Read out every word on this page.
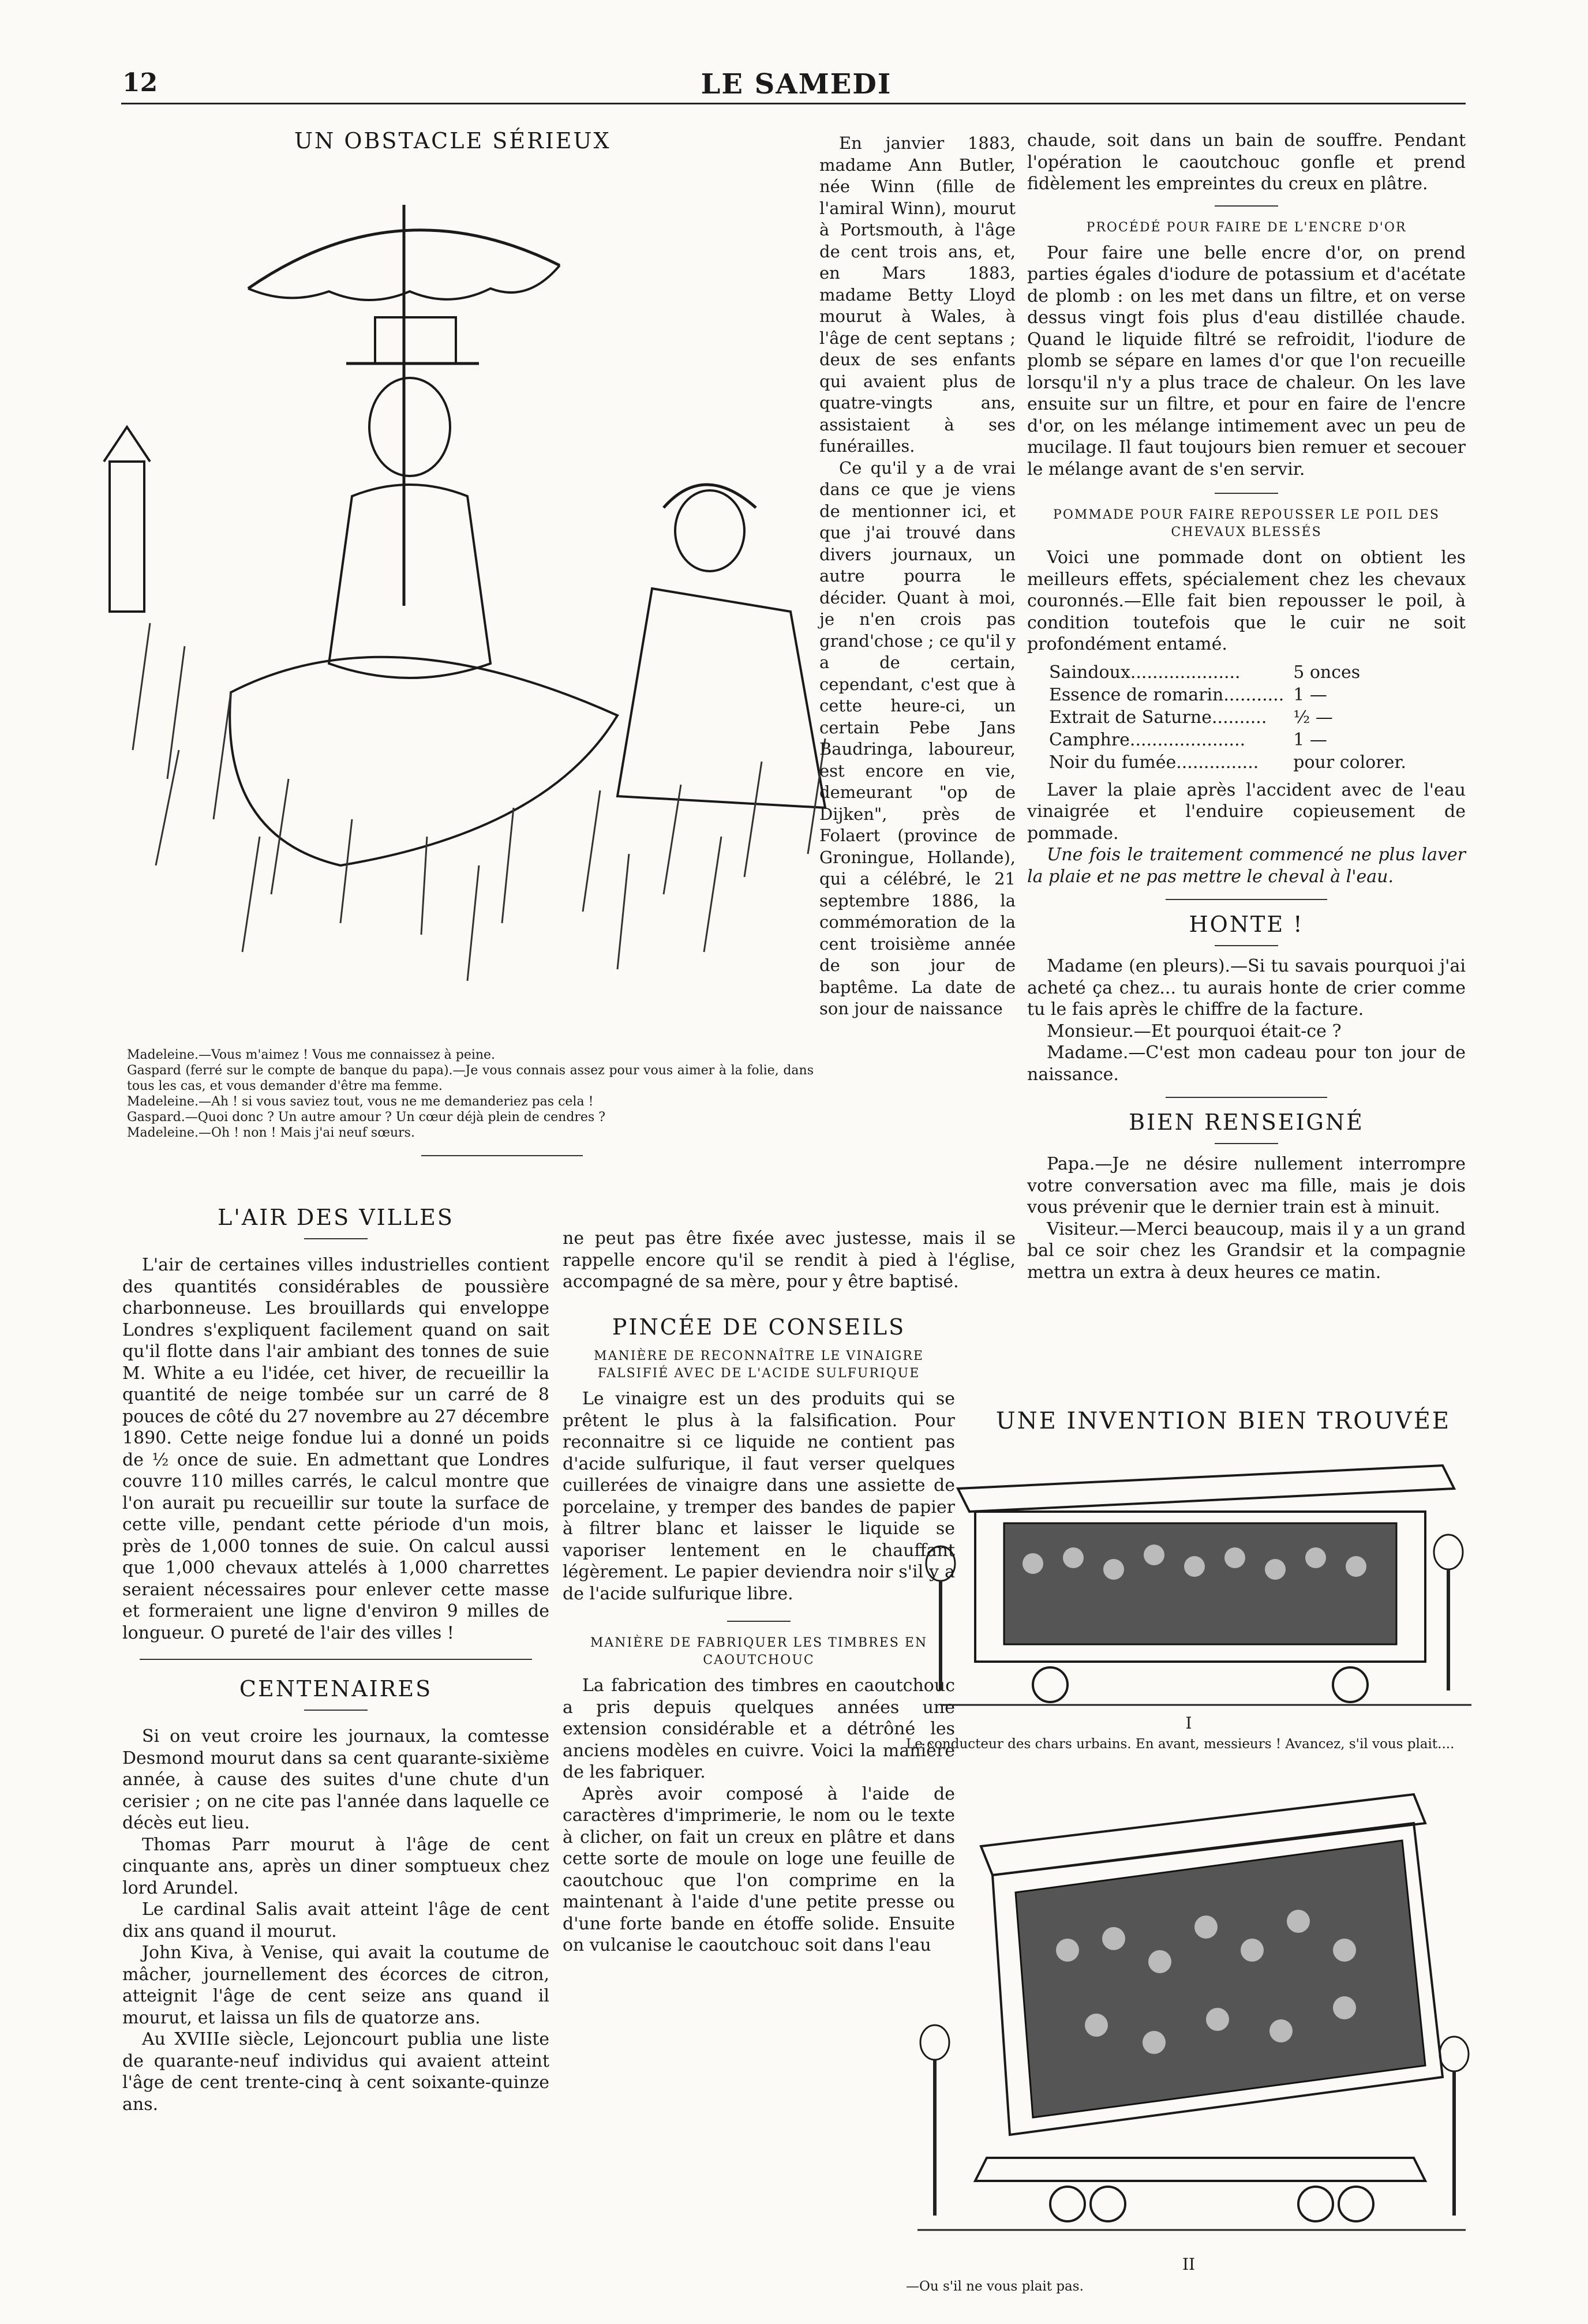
12	LE SAMEDI
UN OBSTACLE SÉRIEUX

Madeleine.—Vous m'aimez ! Vous me connaissez à peine.

Gaspard (ferré sur le compte de banque du papa).—Je vous connais assez pour vous aimer à la folie, dans tous les cas, et vous demander d'être ma femme.

Madeleine.—Ah ! si vous saviez tout, vous ne me demanderiez pas cela !

Gaspard.—Quoi donc ? Un autre amour ? Un cœur déjà plein de cendres ?

Madeleine.—Oh ! non ! Mais j'ai neuf sœurs.

En janvier 1883, madame Ann Butler, née Winn (fille de l'amiral Winn), mourut à Portsmouth, à l'âge de cent trois ans, et, en Mars 1883, madame Betty Lloyd mourut à Wales, à l'âge de cent septans ; deux de ses enfants qui avaient plus de quatre-vingts ans, assistaient à ses funérailles.

Ce qu'il y a de vrai dans ce que je viens de mentionner ici, et que j'ai trouvé dans divers journaux, un autre pourra le décider. Quant à moi, je n'en crois pas grand'chose ; ce qu'il y a de certain, cependant, c'est que à cette heure-ci, un certain Pebe Jans Baudringa, laboureur, est encore en vie, demeurant "op de Dijken", près de Folaert (province de Groningue, Hollande), qui a célébré, le 21 septembre 1886, la commémoration de la cent troisième année de son jour de baptême. La date de son jour de naissance

ne peut pas être fixée avec justesse, mais il se rappelle encore qu'il se rendit à pied à l'église, accompagné de sa mère, pour y être baptisé.

L'AIR DES VILLES

L'air de certaines villes industrielles contient des quantités considérables de poussière charbonneuse. Les brouillards qui enveloppe Londres s'expliquent facilement quand on sait qu'il flotte dans l'air ambiant des tonnes de suie M. White a eu l'idée, cet hiver, de recueillir la quantité de neige tombée sur un carré de 8 pouces de côté du 27 novembre au 27 décembre 1890. Cette neige fondue lui a donné un poids de ½ once de suie. En admettant que Londres couvre 110 milles carrés, le calcul montre que l'on aurait pu recueillir sur toute la surface de cette ville, pendant cette période d'un mois, près de 1,000 tonnes de suie. On calcul aussi que 1,000 chevaux attelés à 1,000 charrettes seraient nécessaires pour enlever cette masse et formeraient une ligne d'environ 9 milles de longueur. O pureté de l'air des villes !

CENTENAIRES

Si on veut croire les journaux, la comtesse Desmond mourut dans sa cent quarante-sixième année, à cause des suites d'une chute d'un cerisier ; on ne cite pas l'année dans laquelle ce décès eut lieu.

Thomas Parr mourut à l'âge de cent cinquante ans, après un diner somptueux chez lord Arundel.

Le cardinal Salis avait atteint l'âge de cent dix ans quand il mourut.

John Kiva, à Venise, qui avait la coutume de mâcher, journellement des écorces de citron, atteignit l'âge de cent seize ans quand il mourut, et laissa un fils de quatorze ans.

Au XVIIIe siècle, Lejoncourt publia une liste de quarante-neuf individus qui avaient atteint l'âge de cent trente-cinq à cent soixante-quinze ans.

PINCÉE DE CONSEILS
MANIÈRE DE RECONNAÎTRE LE VINAIGRE FALSIFIÉ AVEC DE L'ACIDE SULFURIQUE

Le vinaigre est un des produits qui se prêtent le plus à la falsification. Pour reconnaitre si ce liquide ne contient pas d'acide sulfurique, il faut verser quelques cuillerées de vinaigre dans une assiette de porcelaine, y tremper des bandes de papier à filtrer blanc et laisser le liquide se vaporiser lentement en le chauffant légèrement. Le papier deviendra noir s'il y a de l'acide sulfurique libre.

MANIÈRE DE FABRIQUER LES TIMBRES EN CAOUTCHOUC

La fabrication des timbres en caoutchouc a pris depuis quelques années une extension considérable et a détrôné les anciens modèles en cuivre. Voici la manière de les fabriquer.

Après avoir composé à l'aide de caractères d'imprimerie, le nom ou le texte à clicher, on fait un creux en plâtre et dans cette sorte de moule on loge une feuille de caoutchouc que l'on comprime en la maintenant à l'aide d'une petite presse ou d'une forte bande en étoffe solide. Ensuite on vulcanise le caoutchouc soit dans l'eau

chaude, soit dans un bain de souffre. Pendant l'opération le caoutchouc gonfle et prend fidèlement les empreintes du creux en plâtre.

PROCÉDÉ POUR FAIRE DE L'ENCRE D'OR

Pour faire une belle encre d'or, on prend parties égales d'iodure de potassium et d'acétate de plomb : on les met dans un filtre, et on verse dessus vingt fois plus d'eau distillée chaude. Quand le liquide filtré se refroidit, l'iodure de plomb se sépare en lames d'or que l'on recueille lorsqu'il n'y a plus trace de chaleur. On les lave ensuite sur un filtre, et pour en faire de l'encre d'or, on les mélange intimement avec un peu de mucilage. Il faut toujours bien remuer et secouer le mélange avant de s'en servir.

POMMADE POUR FAIRE REPOUSSER LE POIL DES CHEVAUX BLESSÉS

Voici une pommade dont on obtient les meilleurs effets, spécialement chez les chevaux couronnés.—Elle fait bien repousser le poil, à condition toutefois que le cuir ne soit profondément entamé.

Saindoux....................	5 onces
Essence de romarin...........	1 —
Extrait de Saturne..........	½ —
Camphre.....................	1 —
Noir du fumée...............	pour colorer.

Laver la plaie après l'accident avec de l'eau vinaigrée et l'enduire copieusement de pommade.

Une fois le traitement commencé ne plus laver la plaie et ne pas mettre le cheval à l'eau.

HONTE !

Madame (en pleurs).—Si tu savais pourquoi j'ai acheté ça chez... tu aurais honte de crier comme tu le fais après le chiffre de la facture.

Monsieur.—Et pourquoi était-ce ?

Madame.—C'est mon cadeau pour ton jour de naissance.

BIEN RENSEIGNÉ

Papa.—Je ne désire nullement interrompre votre conversation avec ma fille, mais je dois vous prévenir que le dernier train est à minuit.

Visiteur.—Merci beaucoup, mais il y a un grand bal ce soir chez les Grandsir et la compagnie mettra un extra à deux heures ce matin.

UNE INVENTION BIEN TROUVÉE
I

Le conducteur des chars urbains. En avant, messieurs ! Avancez, s'il vous plait....

II

—Ou s'il ne vous plait pas.
